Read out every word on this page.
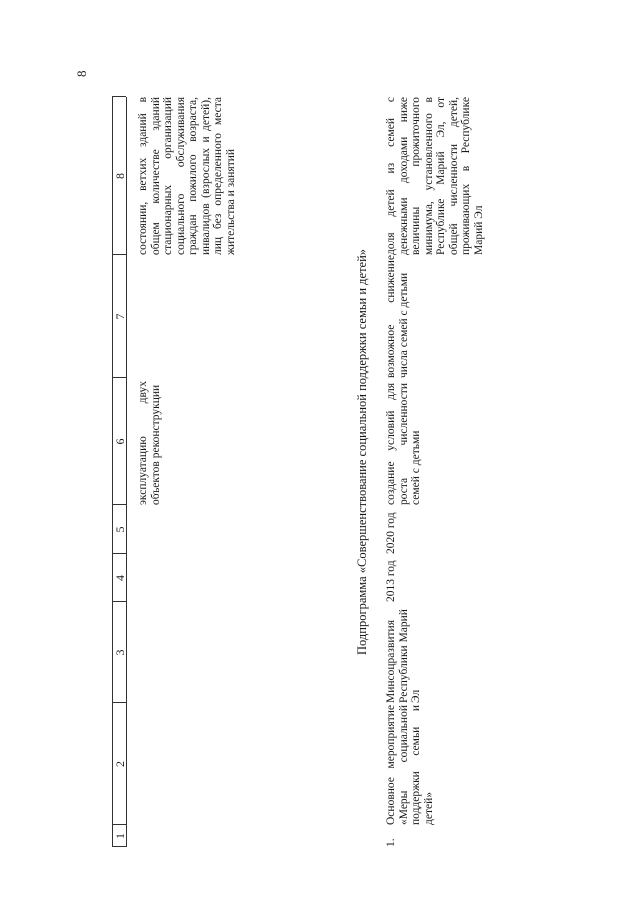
8
1
2
3
4
5
6
7
8
эксплуатацию двух объектов реконструкции
состоянии, ветхих зданий в общем количестве зданий стационарных организаций социального обслуживания граждан пожилого возраста, инвалидов (взрослых и детей), лиц без определенного места жительства и занятий
Подпрограмма «Совершенствование социальной поддержки семьи и детей»
1.
Основное мероприятие «Меры социальной поддержки семьи и детей»
Минсоцразвития Республики Марий Эл
2013 год
2020 год
создание условий для роста численности семей с детьми
возможное снижение числа семей с детьми
доля детей из семей с денежными доходами ниже величины прожиточного минимума, установленного в Республике Марий Эл, от общей численности детей, проживающих в Республике Марий Эл
